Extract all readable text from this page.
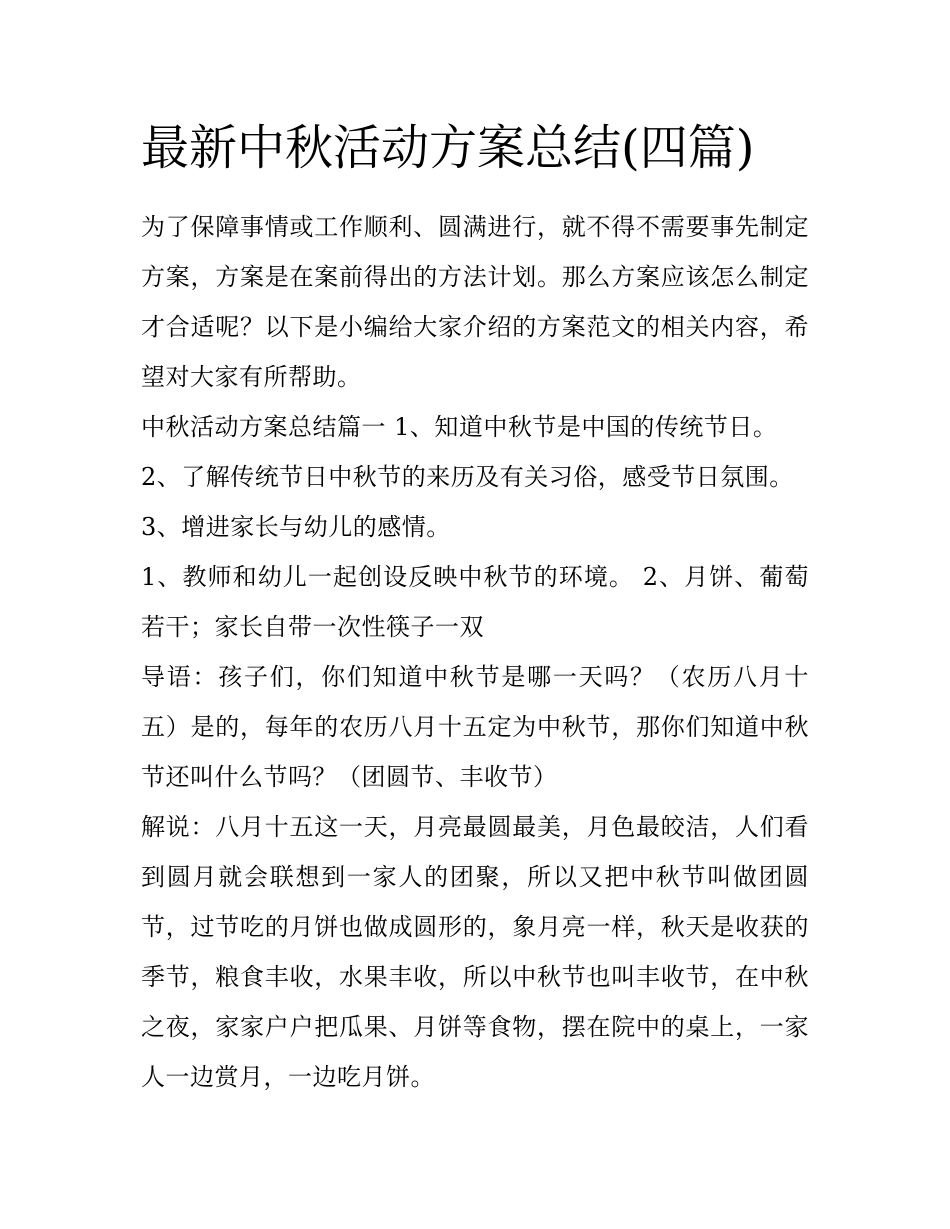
最新中秋活动方案总结(四篇)

为了保障事情或工作顺利、圆满进行，就不得不需要事先制定方案，方案是在案前得出的方法计划。那么方案应该怎么制定才合适呢？以下是小编给大家介绍的方案范文的相关内容，希望对大家有所帮助。

中秋活动方案总结篇一 1、知道中秋节是中国的传统节日。

2、了解传统节日中秋节的来历及有关习俗，感受节日氛围。

3、增进家长与幼儿的感情。

1、教师和幼儿一起创设反映中秋节的环境。 2、月饼、葡萄若干；家长自带一次性筷子一双

导语：孩子们，你们知道中秋节是哪一天吗？（农历八月十五）是的，每年的农历八月十五定为中秋节，那你们知道中秋节还叫什么节吗？（团圆节、丰收节）

解说：八月十五这一天，月亮最圆最美，月色最皎洁，人们看到圆月就会联想到一家人的团聚，所以又把中秋节叫做团圆节，过节吃的月饼也做成圆形的，象月亮一样，秋天是收获的季节，粮食丰收，水果丰收，所以中秋节也叫丰收节，在中秋之夜，家家户户把瓜果、月饼等食物，摆在院中的桌上，一家人一边赏月，一边吃月饼。
